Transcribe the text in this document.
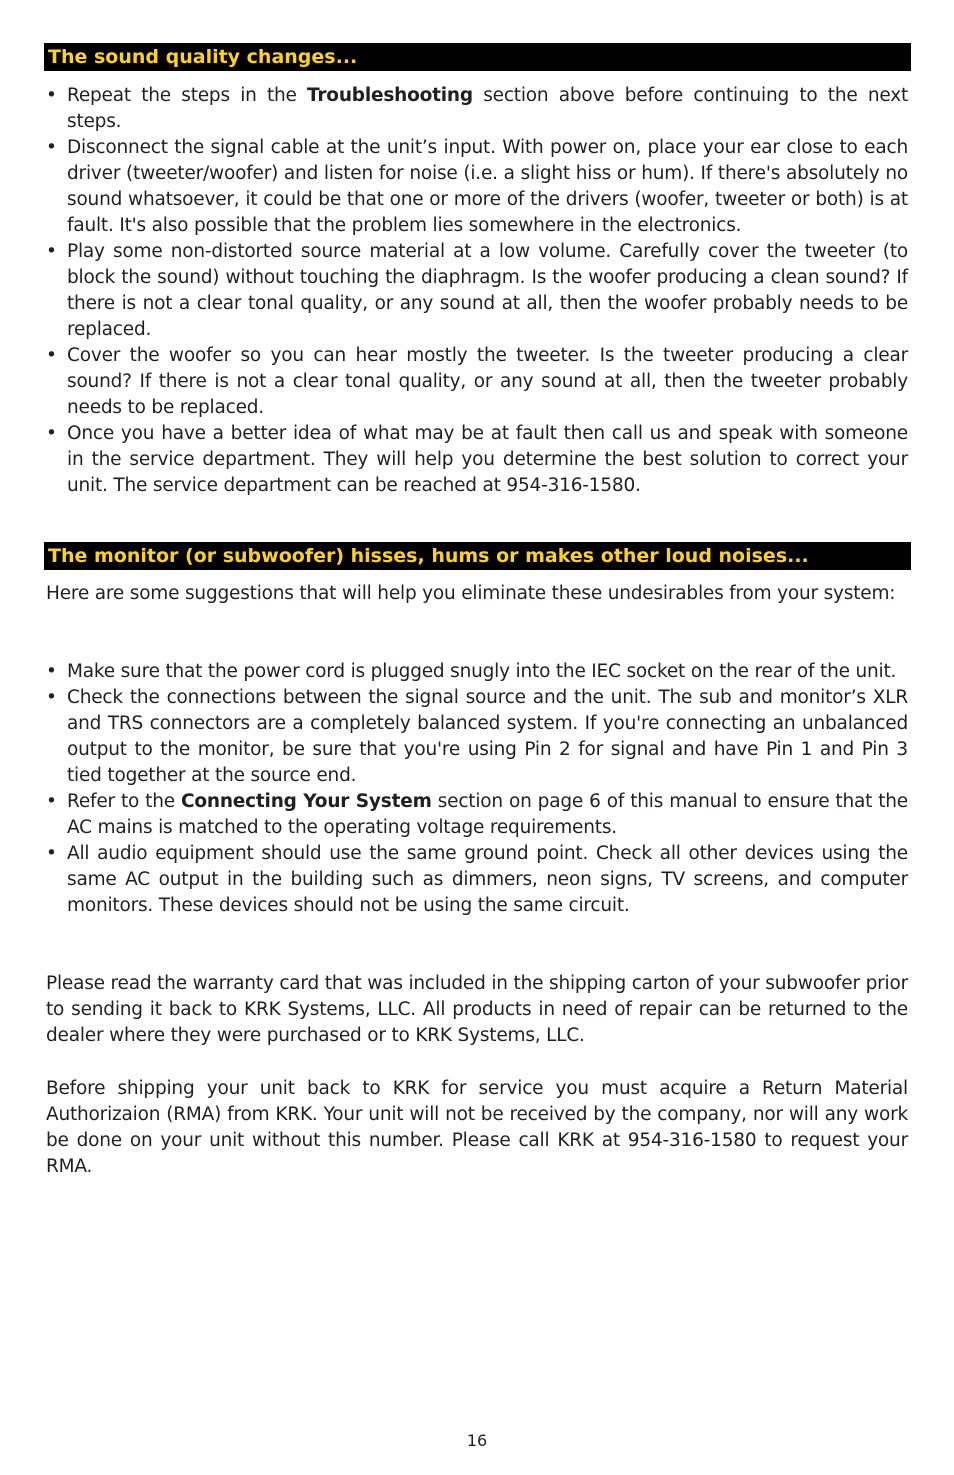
The sound quality changes...
• Repeat the steps in the Troubleshooting section above before continuing to the next steps.
• Disconnect the signal cable at the unit’s input. With power on, place your ear close to each driver (tweeter/woofer) and listen for noise (i.e. a slight hiss or hum). If there's absolutely no sound whatsoever, it could be that one or more of the drivers (woofer, tweeter or both) is at fault. It's also possible that the problem lies somewhere in the electronics.
• Play some non-distorted source material at a low volume. Carefully cover the tweeter (to block the sound) without touching the diaphragm. Is the woofer producing a clean sound? If there is not a clear tonal quality, or any sound at all, then the woofer probably needs to be replaced.
• Cover the woofer so you can hear mostly the tweeter. Is the tweeter producing a clear sound? If there is not a clear tonal quality, or any sound at all, then the tweeter probably needs to be replaced.
• Once you have a better idea of what may be at fault then call us and speak with someone in the service department. They will help you determine the best solution to correct your unit. The service department can be reached at 954-316-1580.
The monitor (or subwoofer) hisses, hums or makes other loud noises...

Here are some suggestions that will help you eliminate these undesirables from your system:

• Make sure that the power cord is plugged snugly into the IEC socket on the rear of the unit.
• Check the connections between the signal source and the unit. The sub and monitor’s XLR and TRS connectors are a completely balanced system. If you're connecting an unbalanced output to the monitor, be sure that you're using Pin 2 for signal and have Pin 1 and Pin 3 tied together at the source end.
• Refer to the Connecting Your System section on page 6 of this manual to ensure that the AC mains is matched to the operating voltage requirements.
• All audio equipment should use the same ground point. Check all other devices using the same AC output in the building such as dimmers, neon signs, TV screens, and computer monitors. These devices should not be using the same circuit.

Please read the warranty card that was included in the shipping carton of your subwoofer prior to sending it back to KRK Systems, LLC. All products in need of repair can be returned to the dealer where they were purchased or to KRK Systems, LLC.

Before shipping your unit back to KRK for service you must acquire a Return Material Authorizaion (RMA) from KRK. Your unit will not be received by the company, nor will any work be done on your unit without this number. Please call KRK at 954-316-1580 to request your RMA.

16
